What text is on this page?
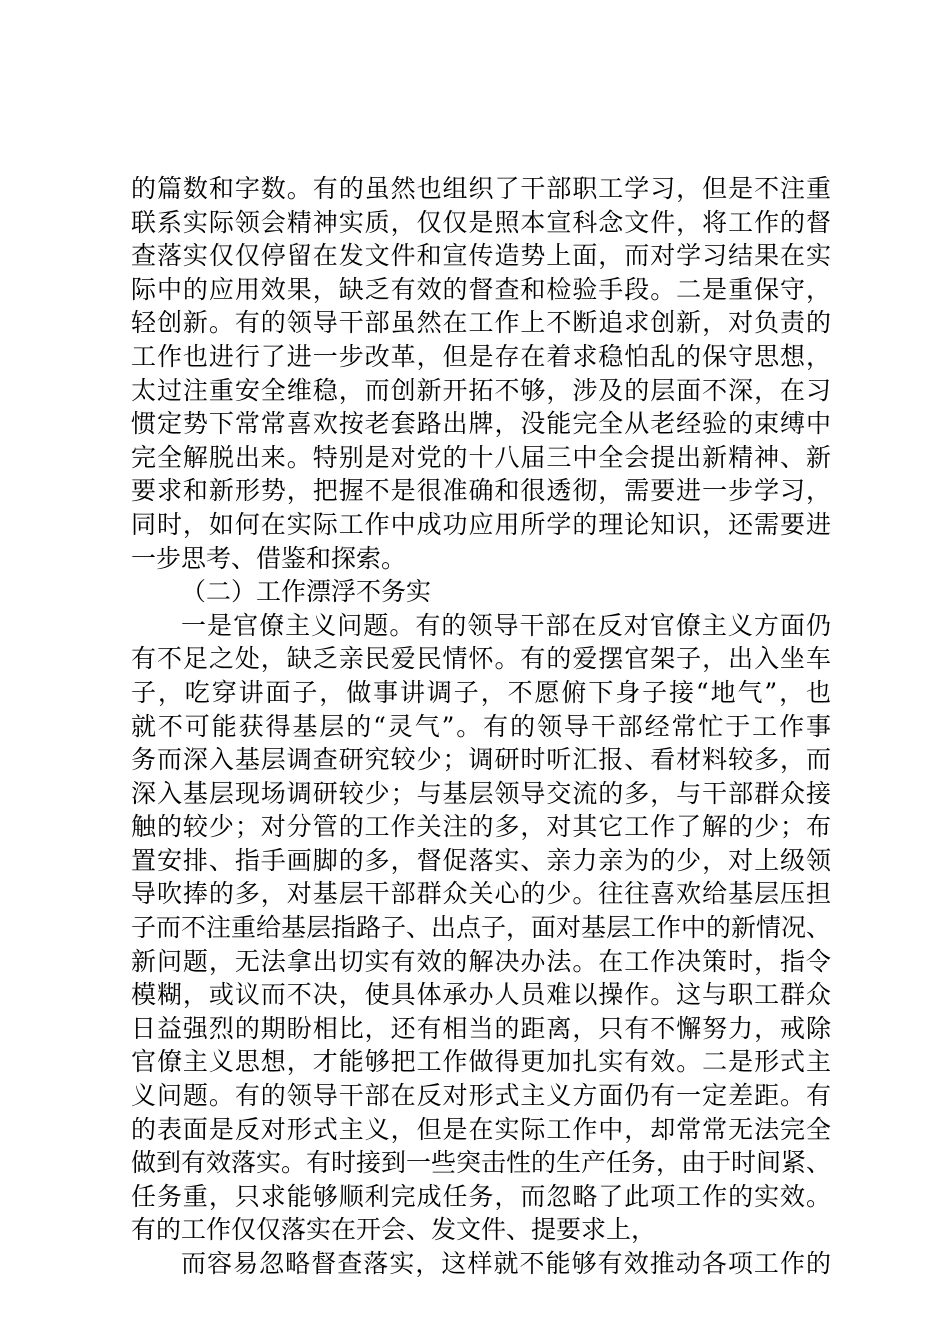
的篇数和字数。有的虽然也组织了干部职工学习，但是不注重
联系实际领会精神实质，仅仅是照本宣科念文件，将工作的督
查落实仅仅停留在发文件和宣传造势上面，而对学习结果在实
际中的应用效果，缺乏有效的督查和检验手段。二是重保守，
轻创新。有的领导干部虽然在工作上不断追求创新，对负责的
工作也进行了进一步改革，但是存在着求稳怕乱的保守思想，
太过注重安全维稳，而创新开拓不够，涉及的层面不深，在习
惯定势下常常喜欢按老套路出牌，没能完全从老经验的束缚中
完全解脱出来。特别是对党的十八届三中全会提出新精神、新
要求和新形势，把握不是很准确和很透彻，需要进一步学习，
同时，如何在实际工作中成功应用所学的理论知识，还需要进
一步思考、借鉴和探索。
（二）工作漂浮不务实
一是官僚主义问题。有的领导干部在反对官僚主义方面仍
有不足之处，缺乏亲民爱民情怀。有的爱摆官架子，出入坐车
子，吃穿讲面子，做事讲调子，不愿俯下身子接“地气”，也
就不可能获得基层的“灵气”。有的领导干部经常忙于工作事
务而深入基层调查研究较少；调研时听汇报、看材料较多，而
深入基层现场调研较少；与基层领导交流的多，与干部群众接
触的较少；对分管的工作关注的多，对其它工作了解的少；布
置安排、指手画脚的多，督促落实、亲力亲为的少，对上级领
导吹捧的多，对基层干部群众关心的少。往往喜欢给基层压担
子而不注重给基层指路子、出点子，面对基层工作中的新情况、
新问题，无法拿出切实有效的解决办法。在工作决策时，指令
模糊，或议而不决，使具体承办人员难以操作。这与职工群众
日益强烈的期盼相比，还有相当的距离，只有不懈努力，戒除
官僚主义思想，才能够把工作做得更加扎实有效。二是形式主
义问题。有的领导干部在反对形式主义方面仍有一定差距。有
的表面是反对形式主义，但是在实际工作中，却常常无法完全
做到有效落实。有时接到一些突击性的生产任务，由于时间紧、
任务重，只求能够顺利完成任务，而忽略了此项工作的实效。
有的工作仅仅落实在开会、发文件、提要求上，
而容易忽略督查落实，这样就不能够有效推动各项工作的
